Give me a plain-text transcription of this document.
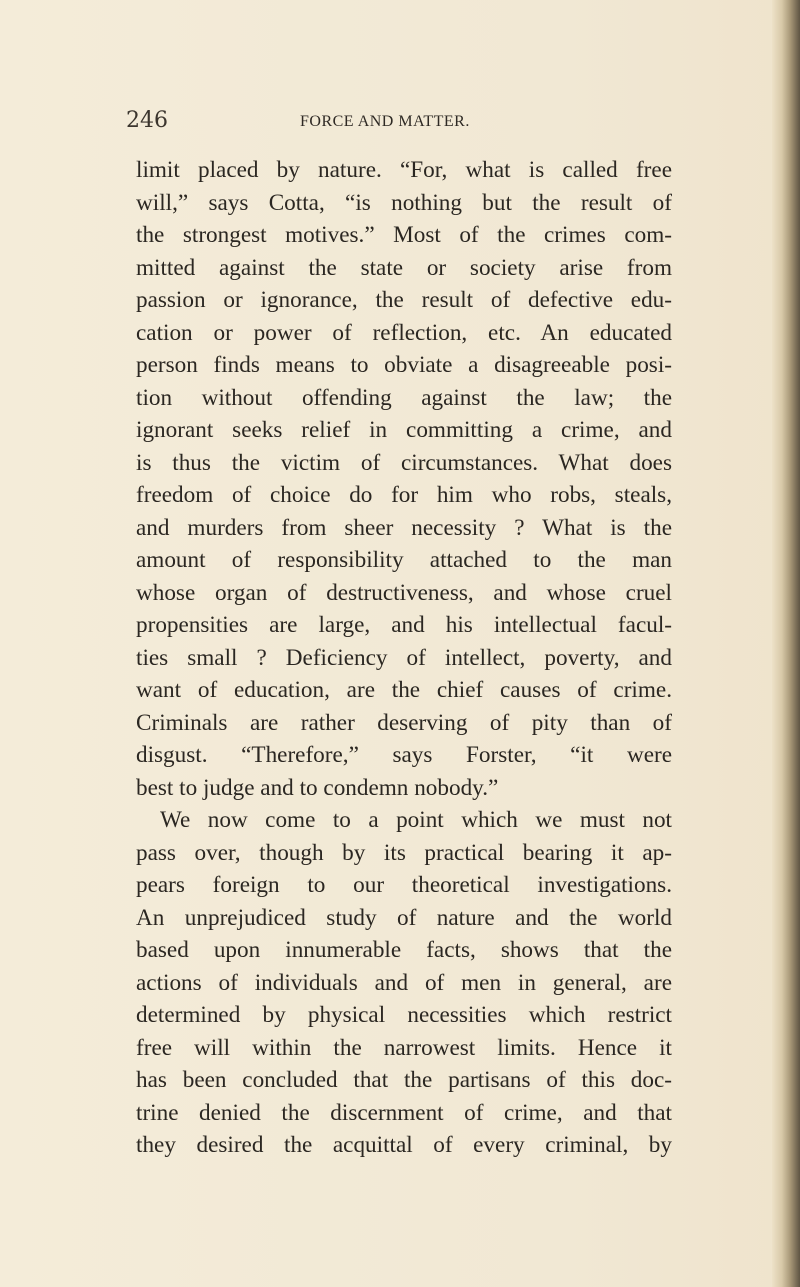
246	FORCE AND MATTER.
limit placed by nature. “For, what is called free
will,” says Cotta, “is nothing but the result of
the strongest motives.” Most of the crimes com-
mitted against the state or society arise from
passion or ignorance, the result of defective edu-
cation or power of reflection, etc. An educated
person finds means to obviate a disagreeable posi-
tion without offending against the law; the
ignorant seeks relief in committing a crime, and
is thus the victim of circumstances. What does
freedom of choice do for him who robs, steals,
and murders from sheer necessity ? What is the
amount of responsibility attached to the man
whose organ of destructiveness, and whose cruel
propensities are large, and his intellectual facul-
ties small ? Deficiency of intellect, poverty, and
want of education, are the chief causes of crime.
Criminals are rather deserving of pity than of
disgust. “Therefore,” says Forster, “it were
best to judge and to condemn nobody.”
We now come to a point which we must not
pass over, though by its practical bearing it ap-
pears foreign to our theoretical investigations.
An unprejudiced study of nature and the world
based upon innumerable facts, shows that the
actions of individuals and of men in general, are
determined by physical necessities which restrict
free will within the narrowest limits. Hence it
has been concluded that the partisans of this doc-
trine denied the discernment of crime, and that
they desired the acquittal of every criminal, by
